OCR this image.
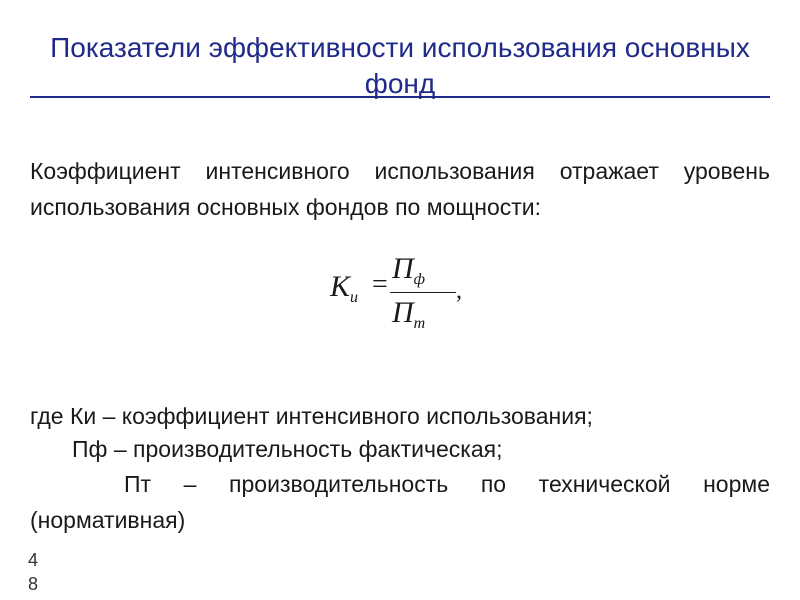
Показатели эффективности использования основных фонд

Коэффициент интенсивного использования отражает уровень использования основных фондов по мощности:

$K_и = П_ф$
$П_т$
,

где Ки – коэффициент интенсивного использования;

Пф – производительность фактическая;

Пт – производительность по технической норме (нормативная)

48
